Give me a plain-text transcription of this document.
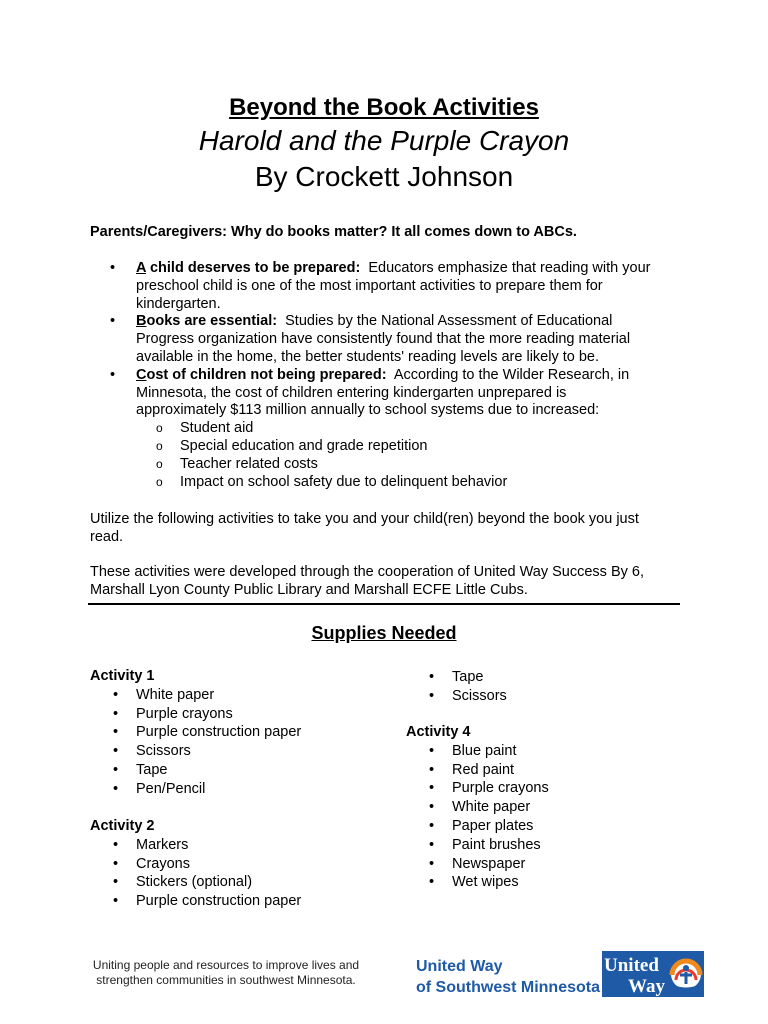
Beyond the Book Activities
Harold and the Purple Crayon
By Crockett Johnson
Parents/Caregivers: Why do books matter? It all comes down to ABCs.
•	A child deserves to be prepared: Educators emphasize that reading with your
preschool child is one of the most important activities to prepare them for
kindergarten.
•	Books are essential: Studies by the National Assessment of Educational
Progress organization have consistently found that the more reading material
available in the home, the better students' reading levels are likely to be.
•	Cost of children not being prepared: According to the Wilder Research, in
Minnesota, the cost of children entering kindergarten unprepared is
approximately $113 million annually to school systems due to increased:
o Student aid
o Special education and grade repetition
o Teacher related costs
o Impact on school safety due to delinquent behavior
Utilize the following activities to take you and your child(ren) beyond the book you just
read.
These activities were developed through the cooperation of United Way Success By 6,
Marshall Lyon County Public Library and Marshall ECFE Little Cubs.
Supplies Needed
Activity 1
• White paper
• Purple crayons
• Purple construction paper
• Scissors
• Tape
• Pen/Pencil
Activity 2
• Markers
• Crayons
• Stickers (optional)
• Purple construction paper
• Tape
• Scissors
Activity 4
• Blue paint
• Red paint
• Purple crayons
• White paper
• Paper plates
• Paint brushes
• Newspaper
• Wet wipes
Uniting people and resources to improve lives and
strengthen communities in southwest Minnesota.
United Way
of Southwest Minnesota
United
Way
